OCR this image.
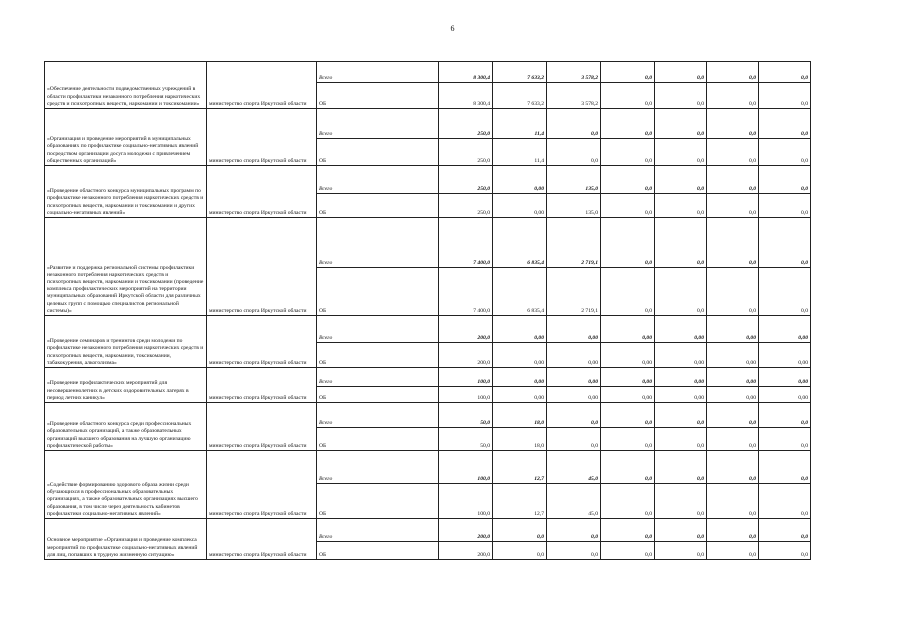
6
«Обеспечение деятельности подведомственных учреждений в области профилактики незаконного потребления наркотических средств и психотропных веществ, наркомании и токсикомании»	министерство спорта Иркутской области	Всего	8 300,4	7 633,2	3 578,2	0,0	0,0	0,0	0,0
		ОБ	8 300,4	7 633,2	3 578,2	0,0	0,0	0,0	0,0
«Организация и проведение мероприятий в муниципальных образованиях по профилактике социально-негативных явлений посредством организации досуга молодежи с привлечением общественных организаций»	министерство спорта Иркутской области	Всего	250,0	11,4	0,0	0,0	0,0	0,0	0,0
		ОБ	250,0	11,4	0,0	0,0	0,0	0,0	0,0
«Проведение областного конкурса муниципальных программ по профилактике незаконного потребления наркотических средств и психотропных веществ, наркомании и токсикомании и других социально-негативных явлений»	министерство спорта Иркутской области	Всего	250,0	0,00	135,0	0,0	0,0	0,0	0,0
		ОБ	250,0	0,00	135,0	0,0	0,0	0,0	0,0
«Развитие и поддержка региональной системы профилактики незаконного потребления наркотических средств и психотропных веществ, наркомании и токсикомании (проведение комплекса профилактических мероприятий на территории муниципальных образований Иркутской области для различных целевых групп с помощью специалистов региональной системы)»	министерство спорта Иркутской области	Всего	7 400,0	6 835,4	2 719,1	0,0	0,0	0,0	0,0
		ОБ	7 400,0	6 835,4	2 719,1	0,0	0,0	0,0	0,0
«Проведение семинаров и тренингов среди молодежи по профилактике незаконного потребления наркотических средств и психотропных веществ, наркомании, токсикомании, табакокурения, алкоголизма»	министерство спорта Иркутской области	Всего	200,0	0,00	0,00	0,00	0,00	0,00	0,00
		ОБ	200,0	0,00	0,00	0,00	0,00	0,00	0,00
«Проведение профилактических мероприятий для несовершеннолетних в детских оздоровительных лагерях в период летних каникул»	министерство спорта Иркутской области	Всего	100,0	0,00	0,00	0,00	0,00	0,00	0,00
		ОБ	100,0	0,00	0,00	0,00	0,00	0,00	0,00
«Проведение областного конкурса среди профессиональных образовательных организаций, а также образовательных организаций высшего образования на лучшую организацию профилактической работы»	министерство спорта Иркутской области	Всего	50,0	18,0	0,0	0,0	0,0	0,0	0,0
		ОБ	50,0	18,0	0,0	0,0	0,0	0,0	0,0
«Содействие формированию здорового образа жизни среди обучающихся в профессиональных образовательных организациях, а также образовательных организациях высшего образования, в том числе через деятельность кабинетов профилактики социально-негативных явлений»	министерство спорта Иркутской области	Всего	100,0	12,7	45,0	0,0	0,0	0,0	0,0
		ОБ	100,0	12,7	45,0	0,0	0,0	0,0	0,0
Основное мероприятие «Организация и проведение комплекса мероприятий по профилактике социально-негативных явлений для лиц, попавших в трудную жизненную ситуацию»	министерство спорта Иркутской области	Всего	200,0	0,0	0,0	0,0	0,0	0,0	0,0
		ОБ	200,0	0,0	0,0	0,0	0,0	0,0	0,0
